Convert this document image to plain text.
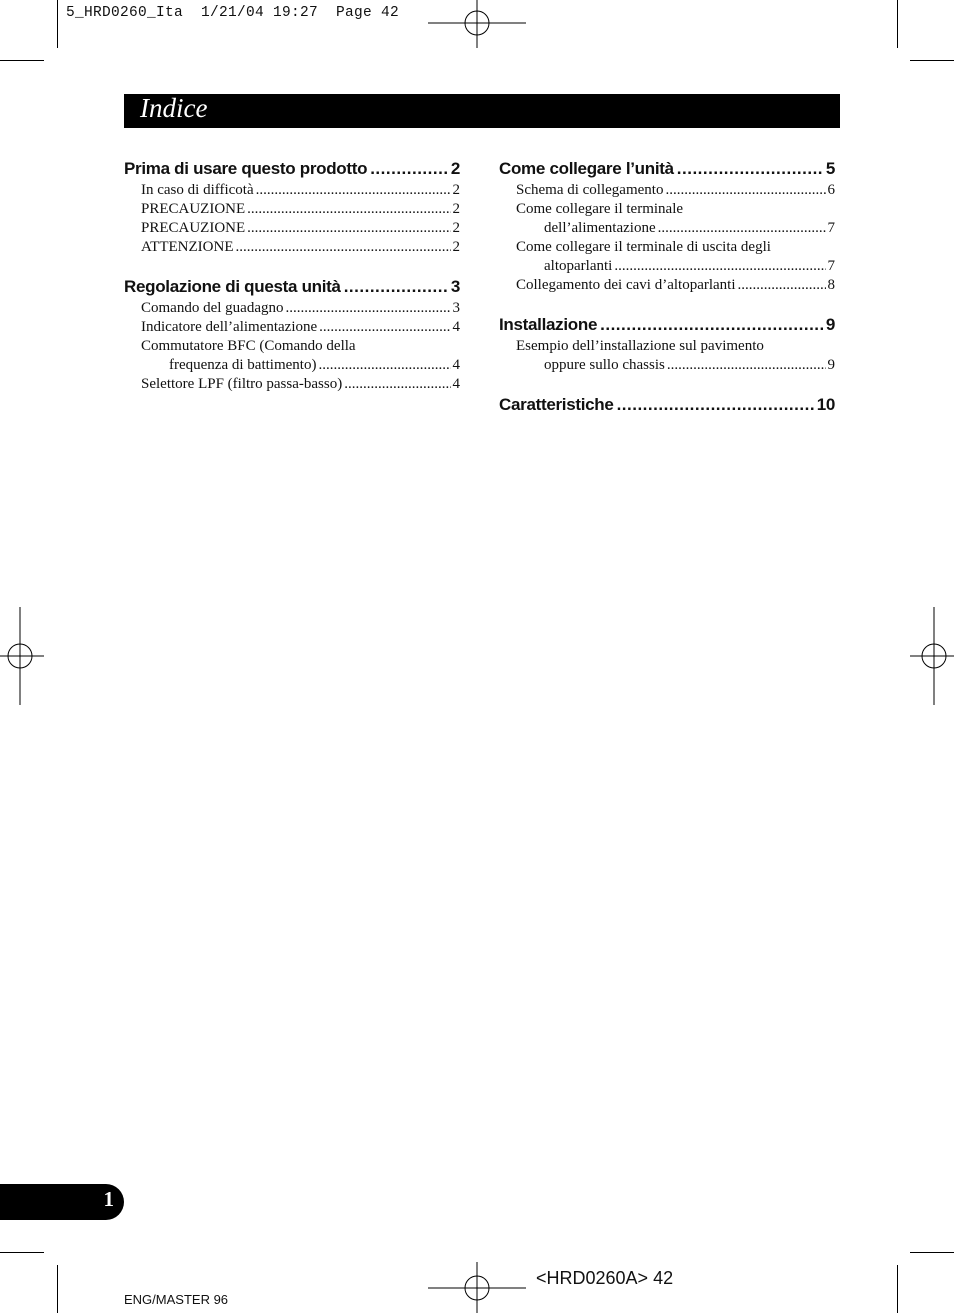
5_HRD0260_Ita  1/21/04 19:27  Page 42
Indice
Prima di usare questo prodotto .....	2
In caso di difficotà .....	2
PRECAUZIONE .....	2
PRECAUZIONE .....	2
ATTENZIONE .....	2
Regolazione di questa unità .....	3
Comando del guadagno .....	3
Indicatore dell’alimentazione .....	4
Commutatore BFC (Comando della
frequenza di battimento) .....	4
Selettore LPF (filtro passa-basso) .....	4
Come collegare l’unità .....	5
Schema di collegamento .....	6
Come collegare il terminale
dell’alimentazione .....	7
Come collegare il terminale di uscita degli
altoparlanti .....	7
Collegamento dei cavi d’altoparlanti .....	8
Installazione .....	9
Esempio dell’installazione sul pavimento
oppure sullo chassis .....	9
Caratteristiche .....	10
1
<HRD0260A> 42
ENG/MASTER 96
